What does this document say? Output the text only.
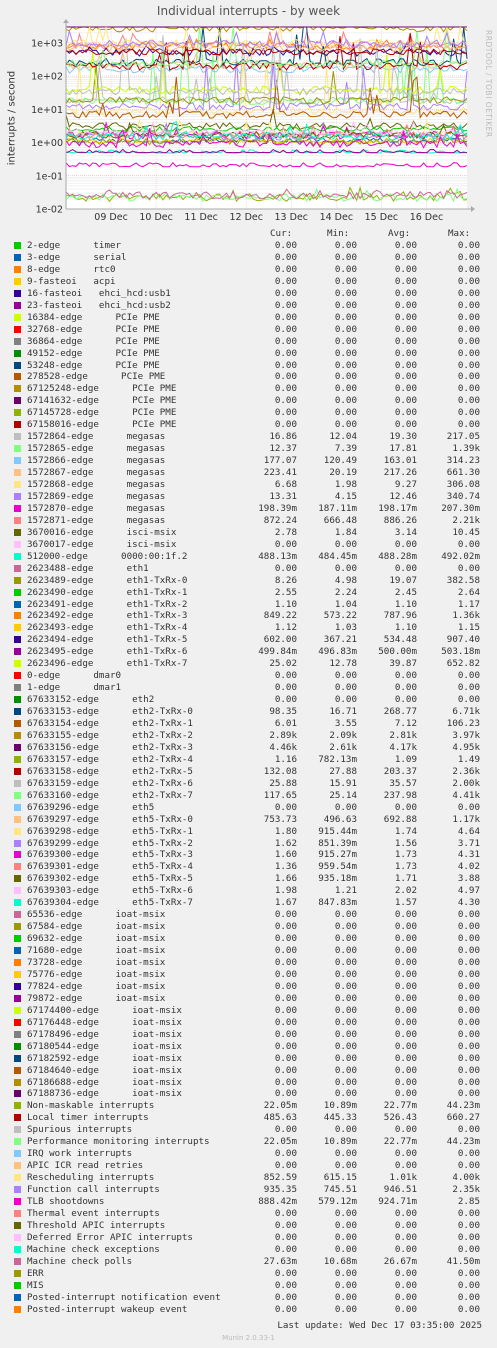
Individual interrupts - by week
RRDTOOL / TOBI OETIKER
interrupts / second
1e-02
1e-01
1e+00
1e+01
1e+02
1e+03
09 Dec 10 Dec 11 Dec 12 Dec 13 Dec 14 Dec 15 Dec 16 Dec
Cur:	Min:	Avg:	Max:
2-edge      timer	0.00	0.00	0.00	0.00
3-edge      serial	0.00	0.00	0.00	0.00
8-edge      rtc0	0.00	0.00	0.00	0.00
9-fasteoi   acpi	0.00	0.00	0.00	0.00
16-fasteoi   ehci_hcd:usb1	0.00	0.00	0.00	0.00
23-fasteoi   ehci_hcd:usb2	0.00	0.00	0.00	0.00
16384-edge      PCIe PME	0.00	0.00	0.00	0.00
32768-edge      PCIe PME	0.00	0.00	0.00	0.00
36864-edge      PCIe PME	0.00	0.00	0.00	0.00
49152-edge      PCIe PME	0.00	0.00	0.00	0.00
53248-edge      PCIe PME	0.00	0.00	0.00	0.00
278528-edge      PCIe PME	0.00	0.00	0.00	0.00
67125248-edge      PCIe PME	0.00	0.00	0.00	0.00
67141632-edge      PCIe PME	0.00	0.00	0.00	0.00
67145728-edge      PCIe PME	0.00	0.00	0.00	0.00
67158016-edge      PCIe PME	0.00	0.00	0.00	0.00
1572864-edge      megasas	16.86	12.04	19.30	217.05
1572865-edge      megasas	12.37	7.39	17.81	1.39k
1572866-edge      megasas	177.07	120.49	163.01	314.23
1572867-edge      megasas	223.41	20.19	217.26	661.30
1572868-edge      megasas	6.68	1.98	9.27	306.08
1572869-edge      megasas	13.31	4.15	12.46	340.74
1572870-edge      megasas	198.39m	187.11m	198.17m	207.30m
1572871-edge      megasas	872.24	666.48	886.26	2.21k
3670016-edge      isci-msix	2.78	1.84	3.14	10.45
3670017-edge      isci-msix	0.00	0.00	0.00	0.00
512000-edge      0000:00:1f.2	488.13m	484.45m	488.28m	492.02m
2623488-edge      eth1	0.00	0.00	0.00	0.00
2623489-edge      eth1-TxRx-0	8.26	4.98	19.07	382.58
2623490-edge      eth1-TxRx-1	2.55	2.24	2.45	2.64
2623491-edge      eth1-TxRx-2	1.10	1.04	1.10	1.17
2623492-edge      eth1-TxRx-3	849.22	573.22	787.96	1.36k
2623493-edge      eth1-TxRx-4	1.12	1.03	1.10	1.15
2623494-edge      eth1-TxRx-5	602.00	367.21	534.48	907.40
2623495-edge      eth1-TxRx-6	499.84m	496.83m	500.00m	503.18m
2623496-edge      eth1-TxRx-7	25.02	12.78	39.87	652.82
0-edge      dmar0	0.00	0.00	0.00	0.00
1-edge      dmar1	0.00	0.00	0.00	0.00
67633152-edge      eth2	0.00	0.00	0.00	0.00
67633153-edge      eth2-TxRx-0	98.35	16.71	268.77	6.71k
67633154-edge      eth2-TxRx-1	6.01	3.55	7.12	106.23
67633155-edge      eth2-TxRx-2	2.89k	2.09k	2.81k	3.97k
67633156-edge      eth2-TxRx-3	4.46k	2.61k	4.17k	4.95k
67633157-edge      eth2-TxRx-4	1.16	782.13m	1.09	1.49
67633158-edge      eth2-TxRx-5	132.08	27.88	203.37	2.36k
67633159-edge      eth2-TxRx-6	25.88	15.91	35.57	2.00k
67633160-edge      eth2-TxRx-7	117.65	25.14	237.98	4.41k
67639296-edge      eth5	0.00	0.00	0.00	0.00
67639297-edge      eth5-TxRx-0	753.73	496.63	692.88	1.17k
67639298-edge      eth5-TxRx-1	1.80	915.44m	1.74	4.64
67639299-edge      eth5-TxRx-2	1.62	851.39m	1.56	3.71
67639300-edge      eth5-TxRx-3	1.60	915.27m	1.73	4.31
67639301-edge      eth5-TxRx-4	1.36	959.54m	1.73	4.02
67639302-edge      eth5-TxRx-5	1.66	935.18m	1.71	3.88
67639303-edge      eth5-TxRx-6	1.98	1.21	2.02	4.97
67639304-edge      eth5-TxRx-7	1.67	847.83m	1.57	4.30
65536-edge      ioat-msix	0.00	0.00	0.00	0.00
67584-edge      ioat-msix	0.00	0.00	0.00	0.00
69632-edge      ioat-msix	0.00	0.00	0.00	0.00
71680-edge      ioat-msix	0.00	0.00	0.00	0.00
73728-edge      ioat-msix	0.00	0.00	0.00	0.00
75776-edge      ioat-msix	0.00	0.00	0.00	0.00
77824-edge      ioat-msix	0.00	0.00	0.00	0.00
79872-edge      ioat-msix	0.00	0.00	0.00	0.00
67174400-edge      ioat-msix	0.00	0.00	0.00	0.00
67176448-edge      ioat-msix	0.00	0.00	0.00	0.00
67178496-edge      ioat-msix	0.00	0.00	0.00	0.00
67180544-edge      ioat-msix	0.00	0.00	0.00	0.00
67182592-edge      ioat-msix	0.00	0.00	0.00	0.00
67184640-edge      ioat-msix	0.00	0.00	0.00	0.00
67186688-edge      ioat-msix	0.00	0.00	0.00	0.00
67188736-edge      ioat-msix	0.00	0.00	0.00	0.00
Non-maskable interrupts	22.05m	10.89m	22.77m	44.23m
Local timer interrupts	485.63	445.33	526.43	660.27
Spurious interrupts	0.00	0.00	0.00	0.00
Performance monitoring interrupts	22.05m	10.89m	22.77m	44.23m
IRQ work interrupts	0.00	0.00	0.00	0.00
APIC ICR read retries	0.00	0.00	0.00	0.00
Rescheduling interrupts	852.59	615.15	1.01k	4.00k
Function call interrupts	935.35	745.51	946.51	2.35k
TLB shootdowns	888.42m	579.12m	924.71m	2.85
Thermal event interrupts	0.00	0.00	0.00	0.00
Threshold APIC interrupts	0.00	0.00	0.00	0.00
Deferred Error APIC interrupts	0.00	0.00	0.00	0.00
Machine check exceptions	0.00	0.00	0.00	0.00
Machine check polls	27.63m	10.68m	26.67m	41.50m
ERR	0.00	0.00	0.00	0.00
MIS	0.00	0.00	0.00	0.00
Posted-interrupt notification event	0.00	0.00	0.00	0.00
Posted-interrupt wakeup event	0.00	0.00	0.00	0.00
Last update: Wed Dec 17 03:35:00 2025
Munin 2.0.33-1
